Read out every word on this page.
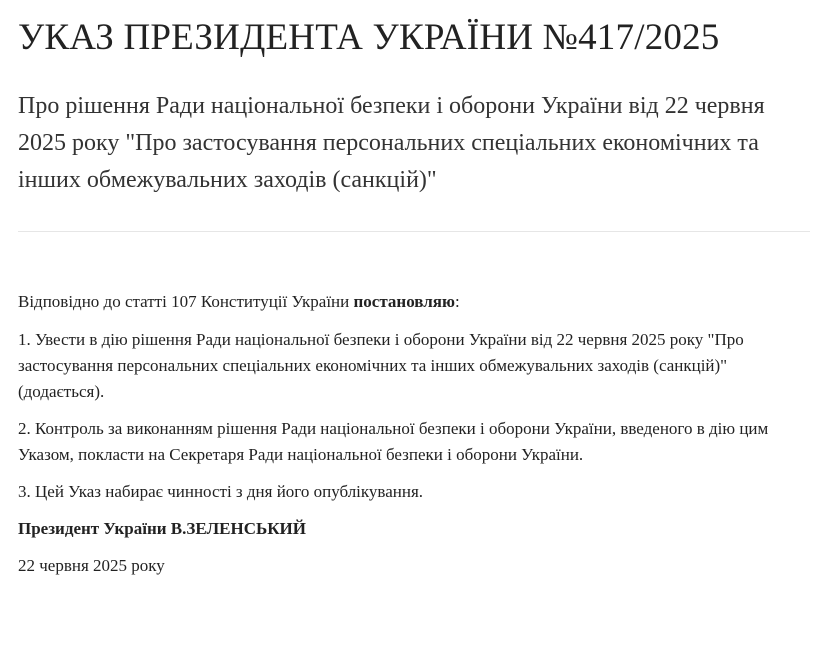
УКАЗ ПРЕЗИДЕНТА УКРАЇНИ №417/2025
Про рішення Ради національної безпеки і оборони України від 22 червня 2025 року "Про застосування персональних спеціальних економічних та інших обмежувальних заходів (санкцій)"

Відповідно до статті 107 Конституції України постановляю:

1. Увести в дію рішення Ради національної безпеки і оборони України від 22 червня 2025 року "Про застосування персональних спеціальних економічних та інших обмежувальних заходів (санкцій)" (додається).

2. Контроль за виконанням рішення Ради національної безпеки і оборони України, введеного в дію цим Указом, покласти на Секретаря Ради національної безпеки і оборони України.

3. Цей Указ набирає чинності з дня його опублікування.

Президент України В.ЗЕЛЕНСЬКИЙ

22 червня 2025 року
